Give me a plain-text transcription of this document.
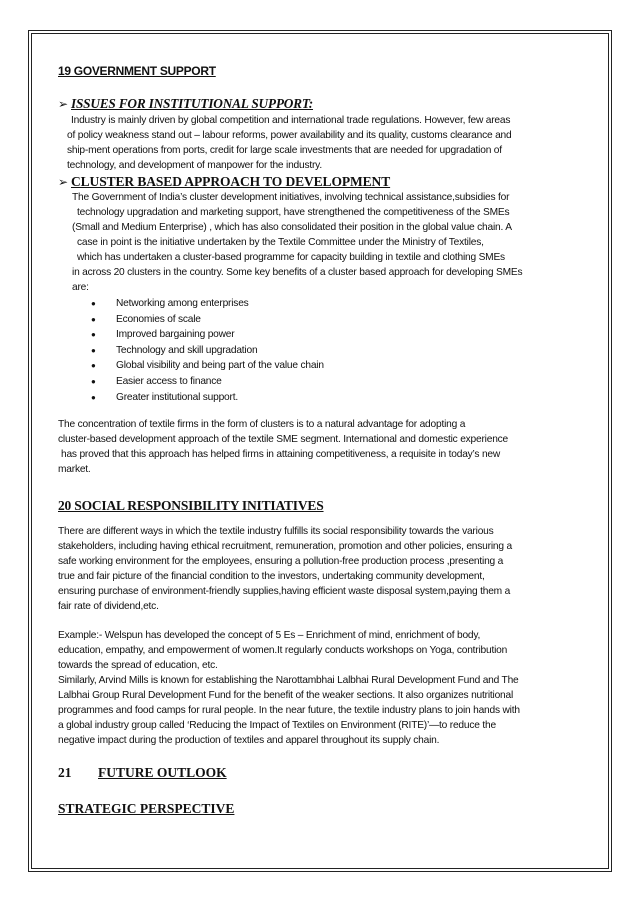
19 GOVERNMENT SUPPORT

➢ ISSUES FOR INSTITUTIONAL SUPPORT:

Industry is mainly driven by global competition and international trade regulations. However, few areas

of policy weakness stand out – labour reforms, power availability and its quality, customs clearance and

ship-ment operations from ports, credit for large scale investments that are needed for upgradation of

technology, and development of manpower for the industry.

➢ CLUSTER BASED APPROACH TO DEVELOPMENT

The Government of India’s cluster development initiatives, involving technical assistance,subsidies for

technology upgradation and marketing support, have strengthened the competitiveness of the SMEs

(Small and Medium Enterprise) , which has also consolidated their position in the global value chain. A

case in point is the initiative undertaken by the Textile Committee under the Ministry of Textiles,

which has undertaken a cluster-based programme for capacity building in textile and clothing SMEs

in across 20 clusters in the country. Some key benefits of a cluster based approach for developing SMEs

are:

●	Networking among enterprises
●	Economies of scale
●	Improved bargaining power
●	Technology and skill upgradation
●	Global visibility and being part of the value chain
●	Easier access to finance
●	Greater institutional support.

The concentration of textile firms in the form of clusters is to a natural advantage for adopting a

cluster-based development approach of the textile SME segment. International and domestic experience

has proved that this approach has helped firms in attaining competitiveness, a requisite in today’s new

market.

20 SOCIAL RESPONSIBILITY INITIATIVES

There are different ways in which the textile industry fulfills its social responsibility towards the various

stakeholders, including having ethical recruitment, remuneration, promotion and other policies, ensuring a

safe working environment for the employees, ensuring a pollution-free production process ,presenting a

true and fair picture of the financial condition to the investors, undertaking community development,

ensuring purchase of environment-friendly supplies,having efficient waste disposal system,paying them a

fair rate of dividend,etc.

Example:- Welspun has developed the concept of 5 Es – Enrichment of mind, enrichment of body,

education, empathy, and empowerment of women.It regularly conducts workshops on Yoga, contribution

towards the spread of education, etc.

Similarly, Arvind Mills is known for establishing the Narottambhai Lalbhai Rural Development Fund and The

Lalbhai Group Rural Development Fund for the benefit of the weaker sections. It also organizes nutritional

programmes and food camps for rural people. In the near future, the textile industry plans to join hands with

a global industry group called ‘Reducing the Impact of Textiles on Environment (RITE)’—to reduce the

negative impact during the production of textiles and apparel throughout its supply chain.

21	FUTURE OUTLOOK

STRATEGIC PERSPECTIVE
